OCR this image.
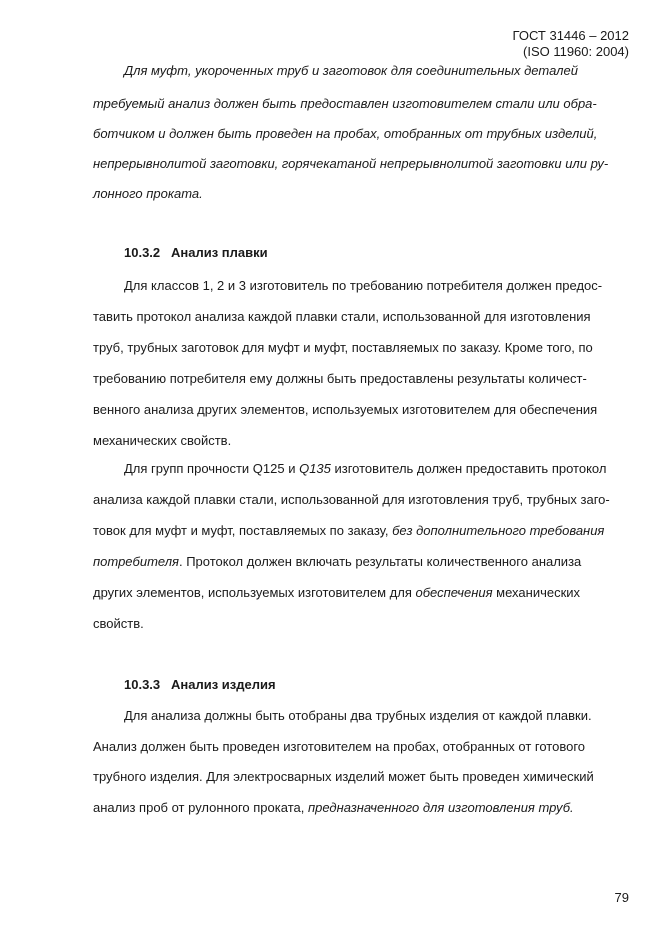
ГОСТ 31446 – 2012
(ISO 11960: 2004)
Для муфт, укороченных труб и заготовок для соединительных деталей
требуемый анализ должен быть предоставлен изготовителем стали или обра-
ботчиком и должен быть проведен на пробах, отобранных от трубных изделий,
непрерывнолитой заготовки, горячекатаной непрерывнолитой заготовки или ру-
лонного проката.
10.3.2 Анализ плавки
Для классов 1, 2 и 3 изготовитель по требованию потребителя должен предос-
тавить протокол анализа каждой плавки стали, использованной для изготовления
труб, трубных заготовок для муфт и муфт, поставляемых по заказу. Кроме того, по
требованию потребителя ему должны быть предоставлены результаты количест-
венного анализа других элементов, используемых изготовителем для обеспечения
механических свойств.
Для групп прочности Q125 и Q135 изготовитель должен предоставить протокол
анализа каждой плавки стали, использованной для изготовления труб, трубных заго-
товок для муфт и муфт, поставляемых по заказу, без дополнительного требования
потребителя. Протокол должен включать результаты количественного анализа
других элементов, используемых изготовителем для обеспечения механических
свойств.
10.3.3 Анализ изделия
Для анализа должны быть отобраны два трубных изделия от каждой плавки.
Анализ должен быть проведен изготовителем на пробах, отобранных от готового
трубного изделия. Для электросварных изделий может быть проведен химический
анализ проб от рулонного проката, предназначенного для изготовления труб.
79
